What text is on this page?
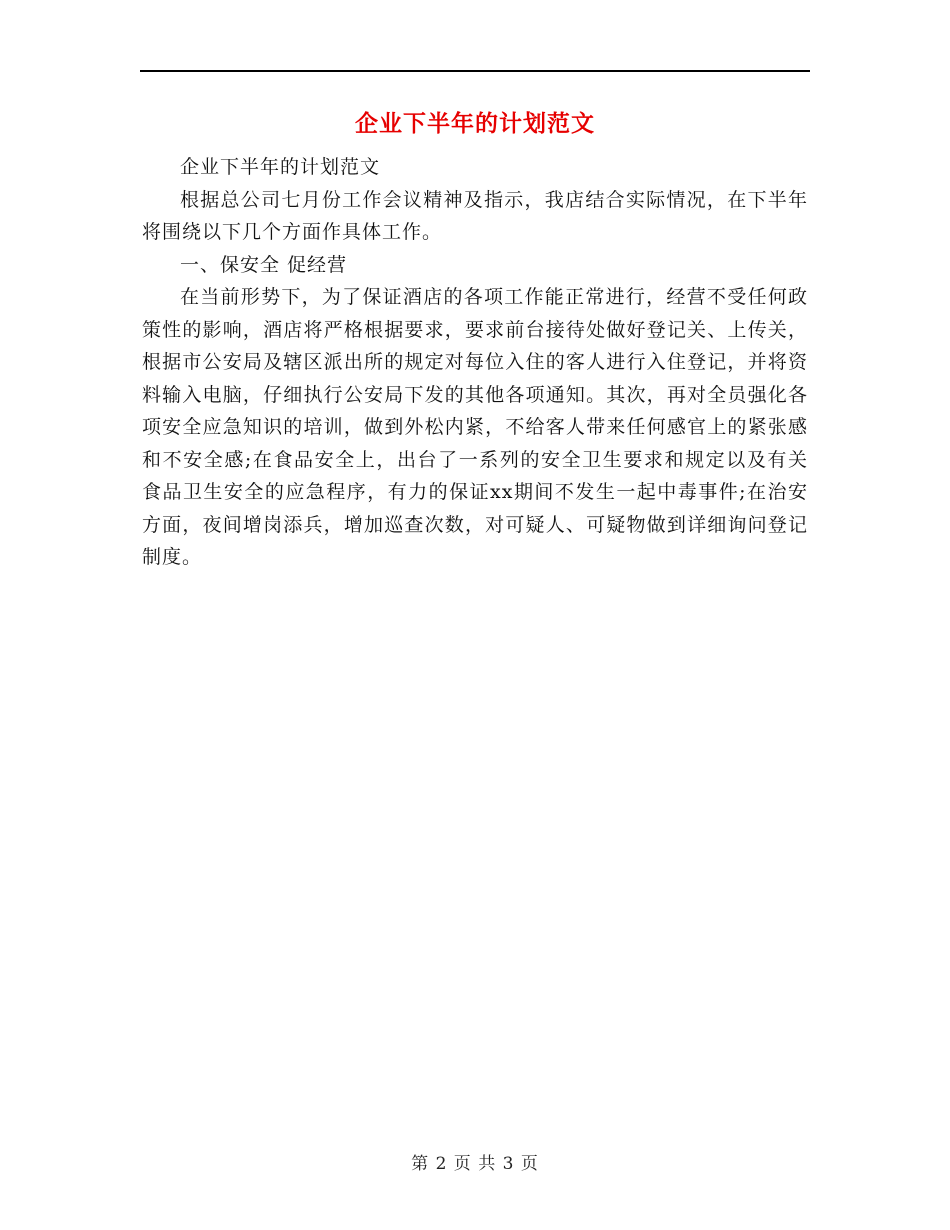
企业下半年的计划范文

企业下半年的计划范文

根据总公司七月份工作会议精神及指示，我店结合实际情况，在下半年将围绕以下几个方面作具体工作。

一、保安全 促经营

在当前形势下，为了保证酒店的各项工作能正常进行，经营不受任何政策性的影响，酒店将严格根据要求，要求前台接待处做好登记关、上传关，根据市公安局及辖区派出所的规定对每位入住的客人进行入住登记，并将资料输入电脑，仔细执行公安局下发的其他各项通知。其次，再对全员强化各项安全应急知识的培训，做到外松内紧，不给客人带来任何感官上的紧张感和不安全感;在食品安全上，出台了一系列的安全卫生要求和规定以及有关食品卫生安全的应急程序，有力的保证xx期间不发生一起中毒事件;在治安方面，夜间增岗添兵，增加巡查次数，对可疑人、可疑物做到详细询问登记制度。

第 2 页 共 3 页
